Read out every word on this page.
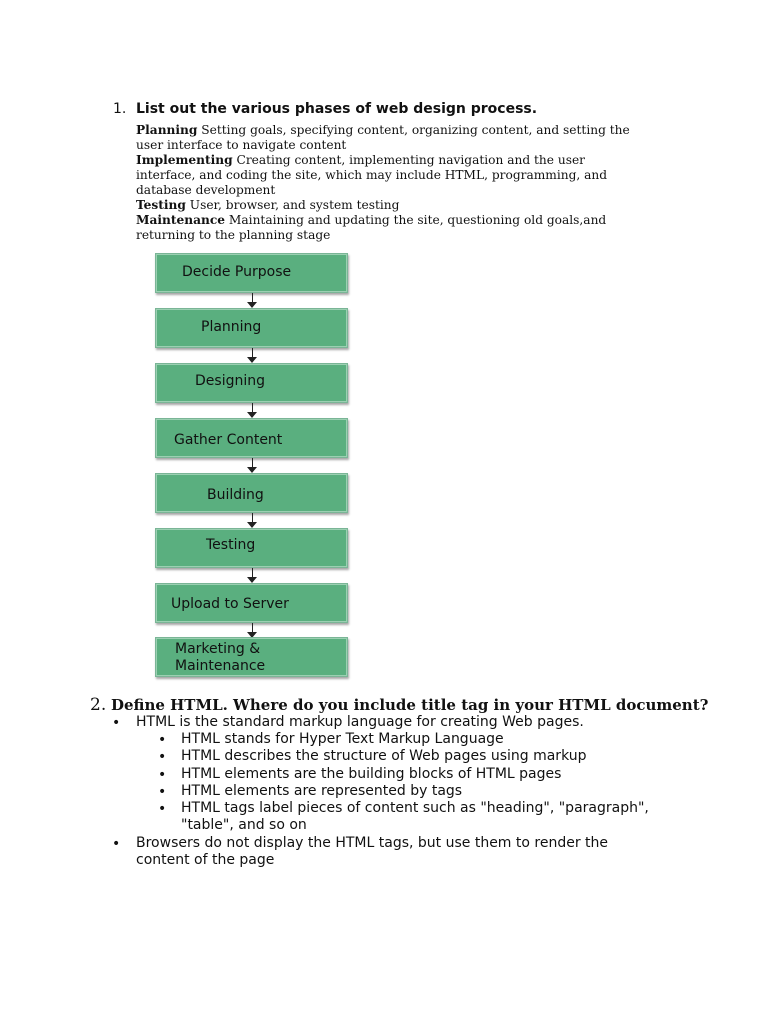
1. List out the various phases of web design process.

Planning Setting goals, specifying content, organizing content, and setting the user interface to navigate content

Implementing Creating content, implementing navigation and the user interface, and coding the site, which may include HTML, programming, and database development

Testing User, browser, and system testing

Maintenance Maintaining and updating the site, questioning old goals,and returning to the planning stage

Decide Purpose
Planning
Designing
Gather Content
Building
Testing
Upload to Server
Marketing & Maintenance
2. Define HTML. Where do you include title tag in your HTML document?
• HTML is the standard markup language for creating Web pages.
• HTML stands for Hyper Text Markup Language
• HTML describes the structure of Web pages using markup
• HTML elements are the building blocks of HTML pages
• HTML elements are represented by tags
• HTML tags label pieces of content such as "heading", "paragraph", "table", and so on
• Browsers do not display the HTML tags, but use them to render the content of the page
